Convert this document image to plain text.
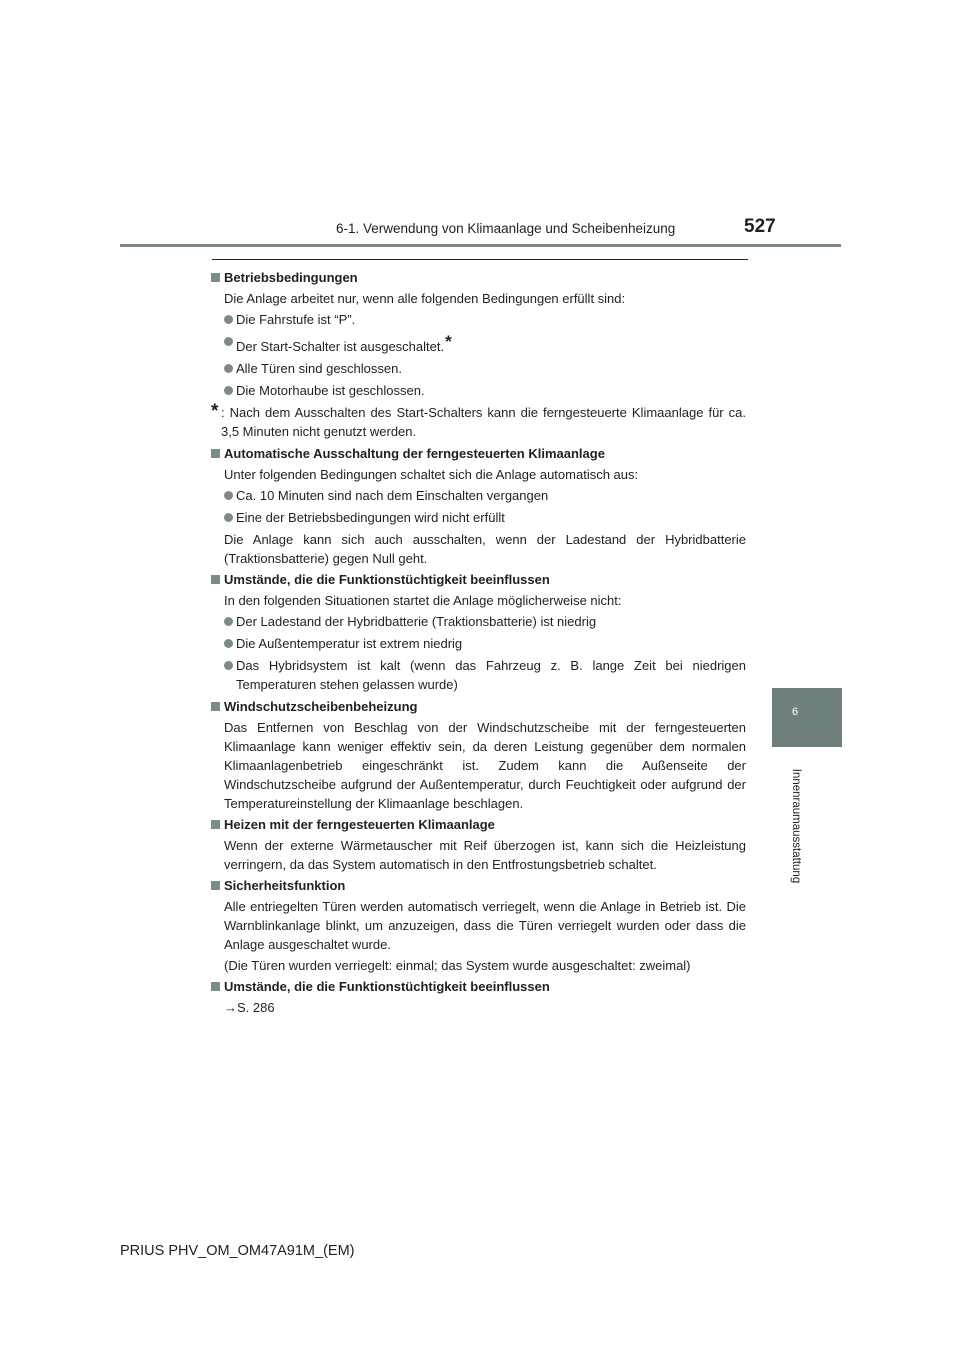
6-1. Verwendung von Klimaanlage und Scheibenheizung	527
6
Innenraumausstattung
Betriebsbedingungen

Die Anlage arbeitet nur, wenn alle folgenden Bedingungen erfüllt sind:

Die Fahrstufe ist “P”.
Der Start-Schalter ist ausgeschaltet.*
Alle Türen sind geschlossen.
Die Motorhaube ist geschlossen.
* : Nach dem Ausschalten des Start-Schalters kann die ferngesteuerte Klimaanlage für ca. 3,5 Minuten nicht genutzt werden.
Automatische Ausschaltung der ferngesteuerten Klimaanlage

Unter folgenden Bedingungen schaltet sich die Anlage automatisch aus:

Ca. 10 Minuten sind nach dem Einschalten vergangen
Eine der Betriebsbedingungen wird nicht erfüllt

Die Anlage kann sich auch ausschalten, wenn der Ladestand der Hybridbatterie (Traktionsbatterie) gegen Null geht.

Umstände, die die Funktionstüchtigkeit beeinflussen

In den folgenden Situationen startet die Anlage möglicherweise nicht:

Der Ladestand der Hybridbatterie (Traktionsbatterie) ist niedrig
Die Außentemperatur ist extrem niedrig
Das Hybridsystem ist kalt (wenn das Fahrzeug z. B. lange Zeit bei niedrigen Temperaturen stehen gelassen wurde)
Windschutzscheibenbeheizung

Das Entfernen von Beschlag von der Windschutzscheibe mit der ferngesteuerten Klimaanlage kann weniger effektiv sein, da deren Leistung gegenüber dem normalen Klimaanlagenbetrieb eingeschränkt ist. Zudem kann die Außenseite der Windschutzscheibe aufgrund der Außentemperatur, durch Feuchtigkeit oder aufgrund der Temperatureinstellung der Klimaanlage beschlagen.

Heizen mit der ferngesteuerten Klimaanlage

Wenn der externe Wärmetauscher mit Reif überzogen ist, kann sich die Heizleistung verringern, da das System automatisch in den Entfrostungsbetrieb schaltet.

Sicherheitsfunktion

Alle entriegelten Türen werden automatisch verriegelt, wenn die Anlage in Betrieb ist. Die Warnblinkanlage blinkt, um anzuzeigen, dass die Türen verriegelt wurden oder dass die Anlage ausgeschaltet wurde.

(Die Türen wurden verriegelt: einmal; das System wurde ausgeschaltet: zweimal)

Umstände, die die Funktionstüchtigkeit beeinflussen

→S. 286

PRIUS PHV_OM_OM47A91M_(EM)
